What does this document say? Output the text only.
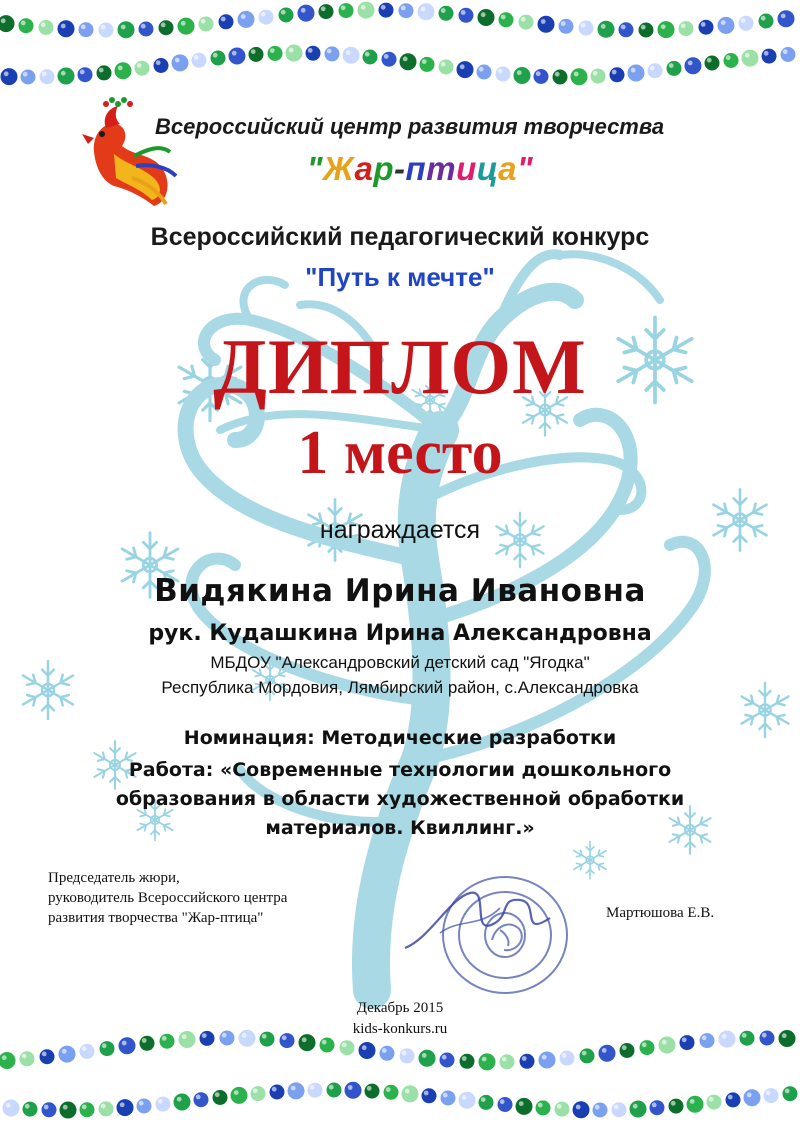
Всероссийский центр развития творчества
"Жар-птица"
Всероссийский педагогический конкурс
"Путь к мечте"
ДИПЛОМ
1 место
награждается
Видякина Ирина Ивановна
рук. Кудашкина Ирина Александровна
МБДОУ "Александровский детский сад "Ягодка"
Республика Мордовия, Лямбирский район, с.Александровка
Номинация: Методические разработки
Работа: «Современные технологии дошкольного
образования в области художественной обработки
материалов. Квиллинг.»
Председатель жюри,
руководитель Всероссийского центра
развития творчества "Жар-птица"	Мартюшова Е.В.
Декабрь 2015
kids-konkurs.ru
